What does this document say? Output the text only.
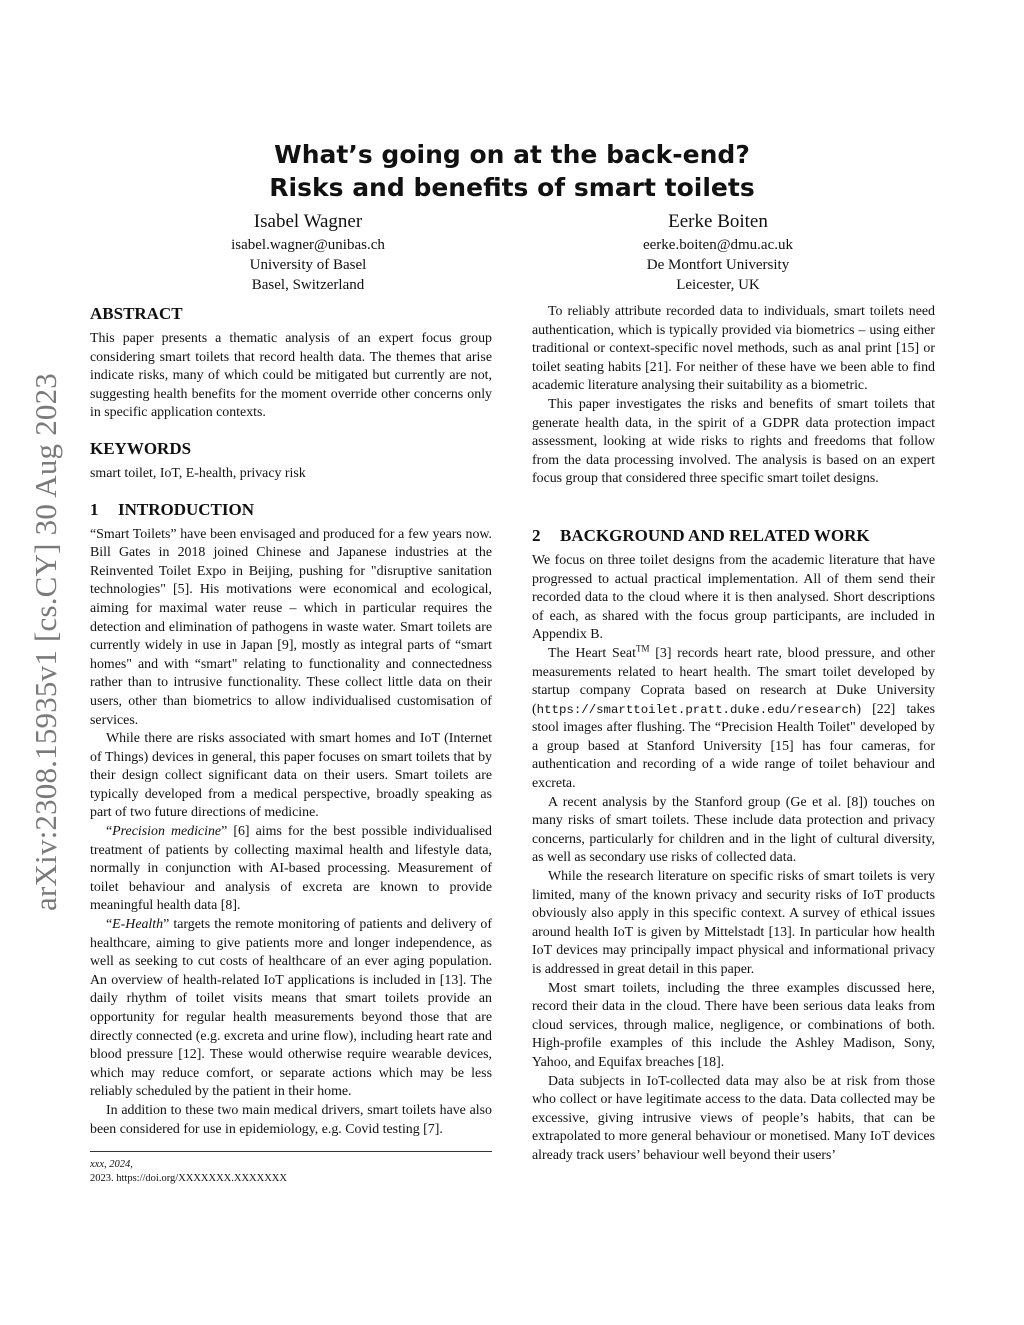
arXiv:2308.15935v1 [cs.CY] 30 Aug 2023
What’s going on at the back-end?
Risks and benefits of smart toilets
Isabel Wagner
isabel.wagner@unibas.ch
University of Basel
Basel, Switzerland
Eerke Boiten
eerke.boiten@dmu.ac.uk
De Montfort University
Leicester, UK
ABSTRACT

This paper presents a thematic analysis of an expert focus group considering smart toilets that record health data. The themes that arise indicate risks, many of which could be mitigated but currently are not, suggesting health benefits for the moment override other concerns only in specific application contexts.

KEYWORDS

smart toilet, IoT, E-health, privacy risk

1 INTRODUCTION

“Smart Toilets” have been envisaged and produced for a few years now. Bill Gates in 2018 joined Chinese and Japanese industries at the Reinvented Toilet Expo in Beijing, pushing for "disruptive sanitation technologies" [5]. His motivations were economical and ecological, aiming for maximal water reuse – which in particular requires the detection and elimination of pathogens in waste water. Smart toilets are currently widely in use in Japan [9], mostly as integral parts of “smart homes" and with “smart" relating to functionality and connectedness rather than to intrusive functionality. These collect little data on their users, other than biometrics to allow individualised customisation of services.

While there are risks associated with smart homes and IoT (Internet of Things) devices in general, this paper focuses on smart toilets that by their design collect significant data on their users. Smart toilets are typically developed from a medical perspective, broadly speaking as part of two future directions of medicine.

“Precision medicine” [6] aims for the best possible individualised treatment of patients by collecting maximal health and lifestyle data, normally in conjunction with AI-based processing. Measurement of toilet behaviour and analysis of excreta are known to provide meaningful health data [8].

“E-Health” targets the remote monitoring of patients and delivery of healthcare, aiming to give patients more and longer independence, as well as seeking to cut costs of healthcare of an ever aging population. An overview of health-related IoT applications is included in [13]. The daily rhythm of toilet visits means that smart toilets provide an opportunity for regular health measurements beyond those that are directly connected (e.g. excreta and urine flow), including heart rate and blood pressure [12]. These would otherwise require wearable devices, which may reduce comfort, or separate actions which may be less reliably scheduled by the patient in their home.

In addition to these two main medical drivers, smart toilets have also been considered for use in epidemiology, e.g. Covid testing [7].

xxx, 2024,
2023. https://doi.org/XXXXXXX.XXXXXXX

To reliably attribute recorded data to individuals, smart toilets need authentication, which is typically provided via biometrics – using either traditional or context-specific novel methods, such as anal print [15] or toilet seating habits [21]. For neither of these have we been able to find academic literature analysing their suitability as a biometric.

This paper investigates the risks and benefits of smart toilets that generate health data, in the spirit of a GDPR data protection impact assessment, looking at wide risks to rights and freedoms that follow from the data processing involved. The analysis is based on an expert focus group that considered three specific smart toilet designs.

2 BACKGROUND AND RELATED WORK

We focus on three toilet designs from the academic literature that have progressed to actual practical implementation. All of them send their recorded data to the cloud where it is then analysed. Short descriptions of each, as shared with the focus group participants, are included in Appendix B.

The Heart Seat™ [3] records heart rate, blood pressure, and other measurements related to heart health. The smart toilet developed by startup company Coprata based on research at Duke University (https://smarttoilet.pratt.duke.edu/research) [22] takes stool images after flushing. The “Precision Health Toilet" developed by a group based at Stanford University [15] has four cameras, for authentication and recording of a wide range of toilet behaviour and excreta.

A recent analysis by the Stanford group (Ge et al. [8]) touches on many risks of smart toilets. These include data protection and privacy concerns, particularly for children and in the light of cultural diversity, as well as secondary use risks of collected data.

While the research literature on specific risks of smart toilets is very limited, many of the known privacy and security risks of IoT products obviously also apply in this specific context. A survey of ethical issues around health IoT is given by Mittelstadt [13]. In particular how health IoT devices may principally impact physical and informational privacy is addressed in great detail in this paper.

Most smart toilets, including the three examples discussed here, record their data in the cloud. There have been serious data leaks from cloud services, through malice, negligence, or combinations of both. High-profile examples of this include the Ashley Madison, Sony, Yahoo, and Equifax breaches [18].

Data subjects in IoT-collected data may also be at risk from those who collect or have legitimate access to the data. Data collected may be excessive, giving intrusive views of people’s habits, that can be extrapolated to more general behaviour or monetised. Many IoT devices already track users’ behaviour well beyond their users’
